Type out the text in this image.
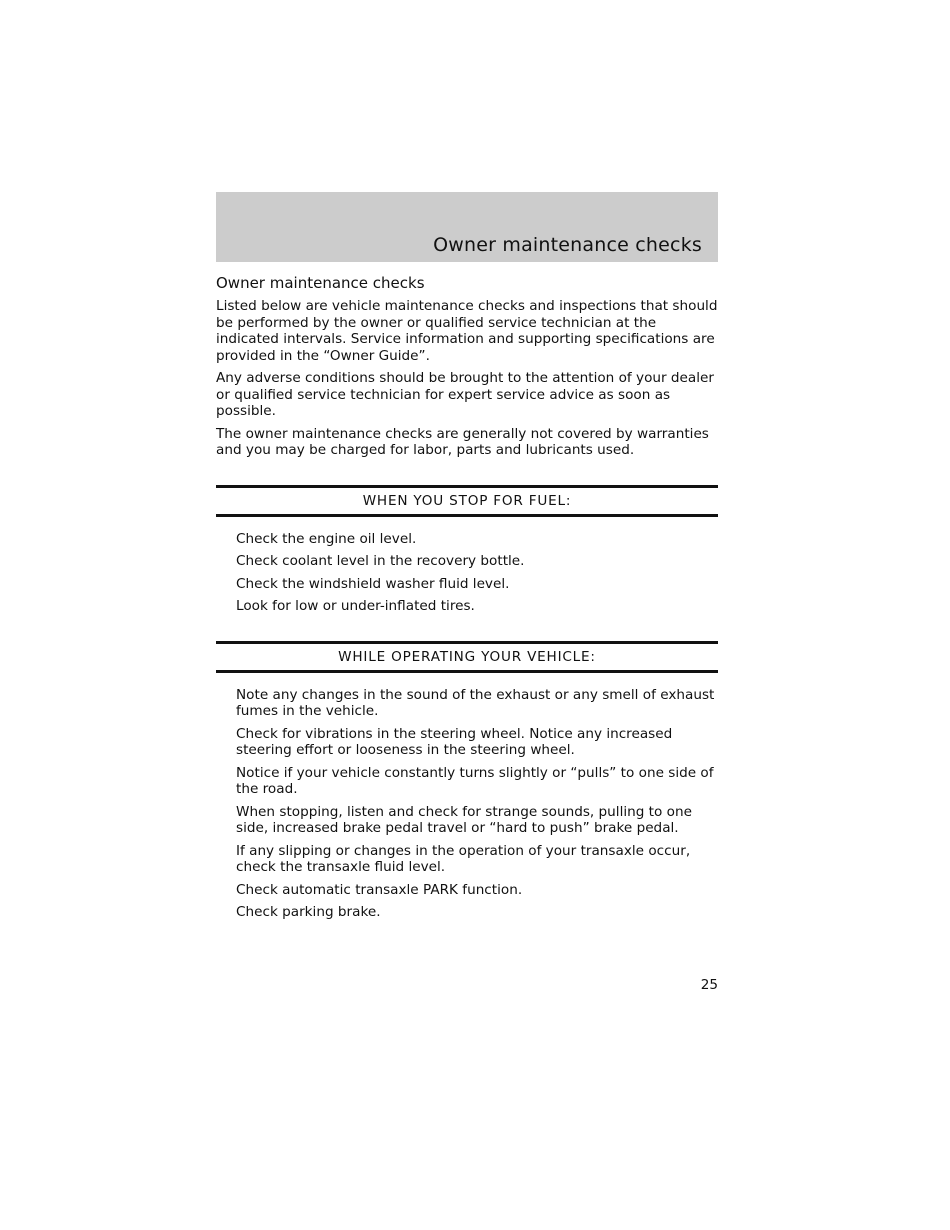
Owner maintenance checks
Owner maintenance checks

Listed below are vehicle maintenance checks and inspections that should be performed by the owner or qualified service technician at the indicated intervals. Service information and supporting specifications are provided in the “Owner Guide”.

Any adverse conditions should be brought to the attention of your dealer or qualified service technician for expert service advice as soon as possible.

The owner maintenance checks are generally not covered by warranties and you may be charged for labor, parts and lubricants used.

WHEN YOU STOP FOR FUEL:
Check the engine oil level.
Check coolant level in the recovery bottle.
Check the windshield washer fluid level.
Look for low or under-inflated tires.
WHILE OPERATING YOUR VEHICLE:
Note any changes in the sound of the exhaust or any smell of exhaust fumes in the vehicle.
Check for vibrations in the steering wheel. Notice any increased steering effort or looseness in the steering wheel.
Notice if your vehicle constantly turns slightly or “pulls” to one side of the road.
When stopping, listen and check for strange sounds, pulling to one side, increased brake pedal travel or “hard to push” brake pedal.
If any slipping or changes in the operation of your transaxle occur, check the transaxle fluid level.
Check automatic transaxle PARK function.
Check parking brake.
25
